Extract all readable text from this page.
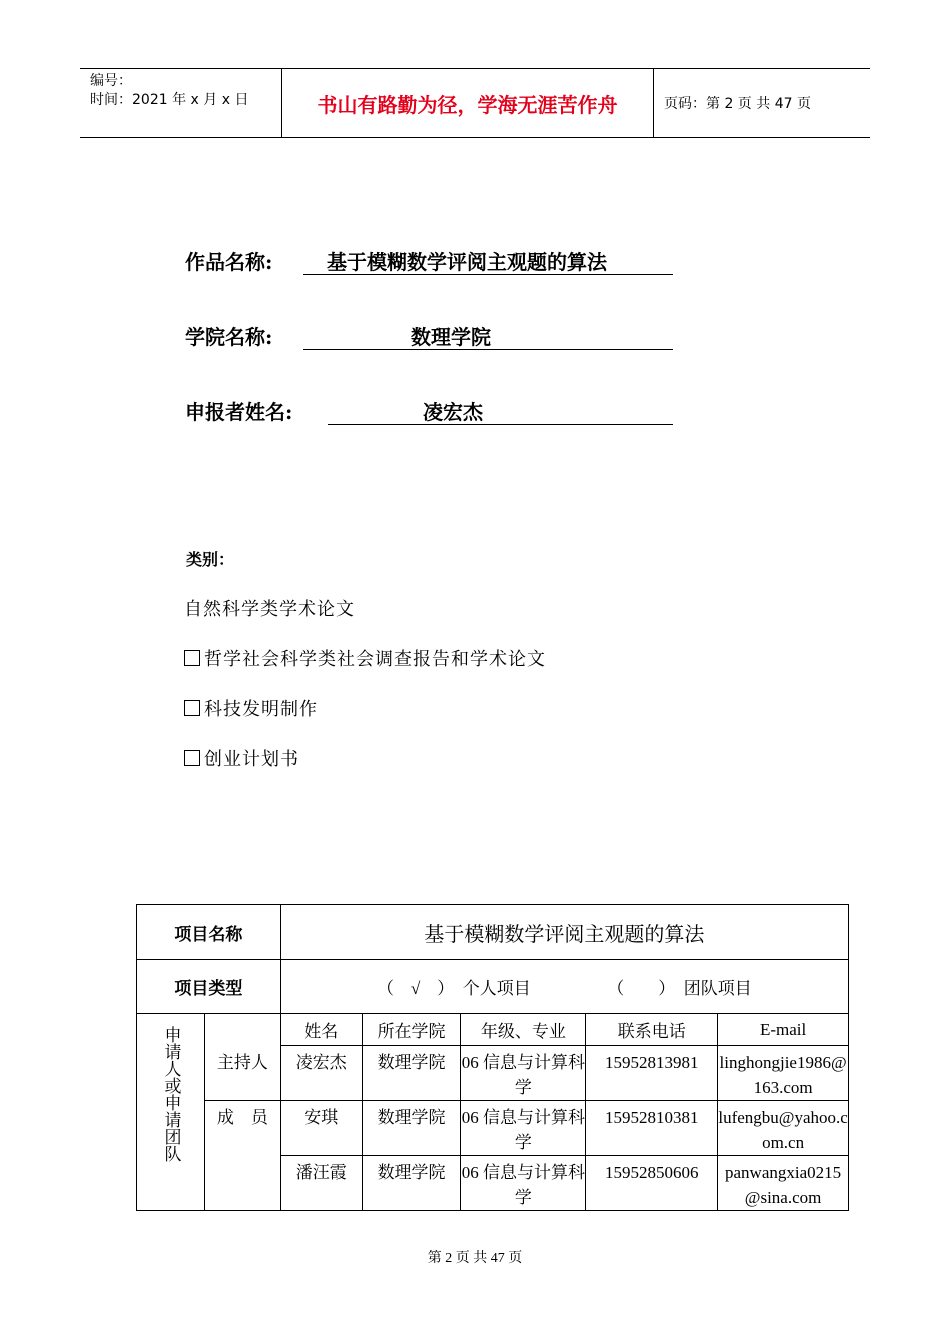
编号：
时间：2021 年 x 月 x 日	书山有路勤为径，学海无涯苦作舟	页码：第 2 页 共 47 页
作品名称:	基于模糊数学评阅主观题的算法
学院名称:	数理学院
申报者姓名:	凌宏杰
类别：
自然科学类学术论文
哲学社会科学类社会调查报告和学术论文
科技发明制作
创业计划书
项目名称		基于模糊数学评阅主观题的算法				
项目类型		（　√　）　个人项目　　　　　（　　）　团队项目				
申请人或申请团队		姓名	所在学院	年级、专业	联系电话	E-mail
	主持人	凌宏杰	数理学院	06 信息与计算科学	15952813981	linghongjie1986@163.com
	成　员	安琪	数理学院	06 信息与计算科学	15952810381	lufengbu@yahoo.com.cn
		潘汪霞	数理学院	06 信息与计算科学	15952850606	panwangxia0215@sina.com
第 2 页 共 47 页
